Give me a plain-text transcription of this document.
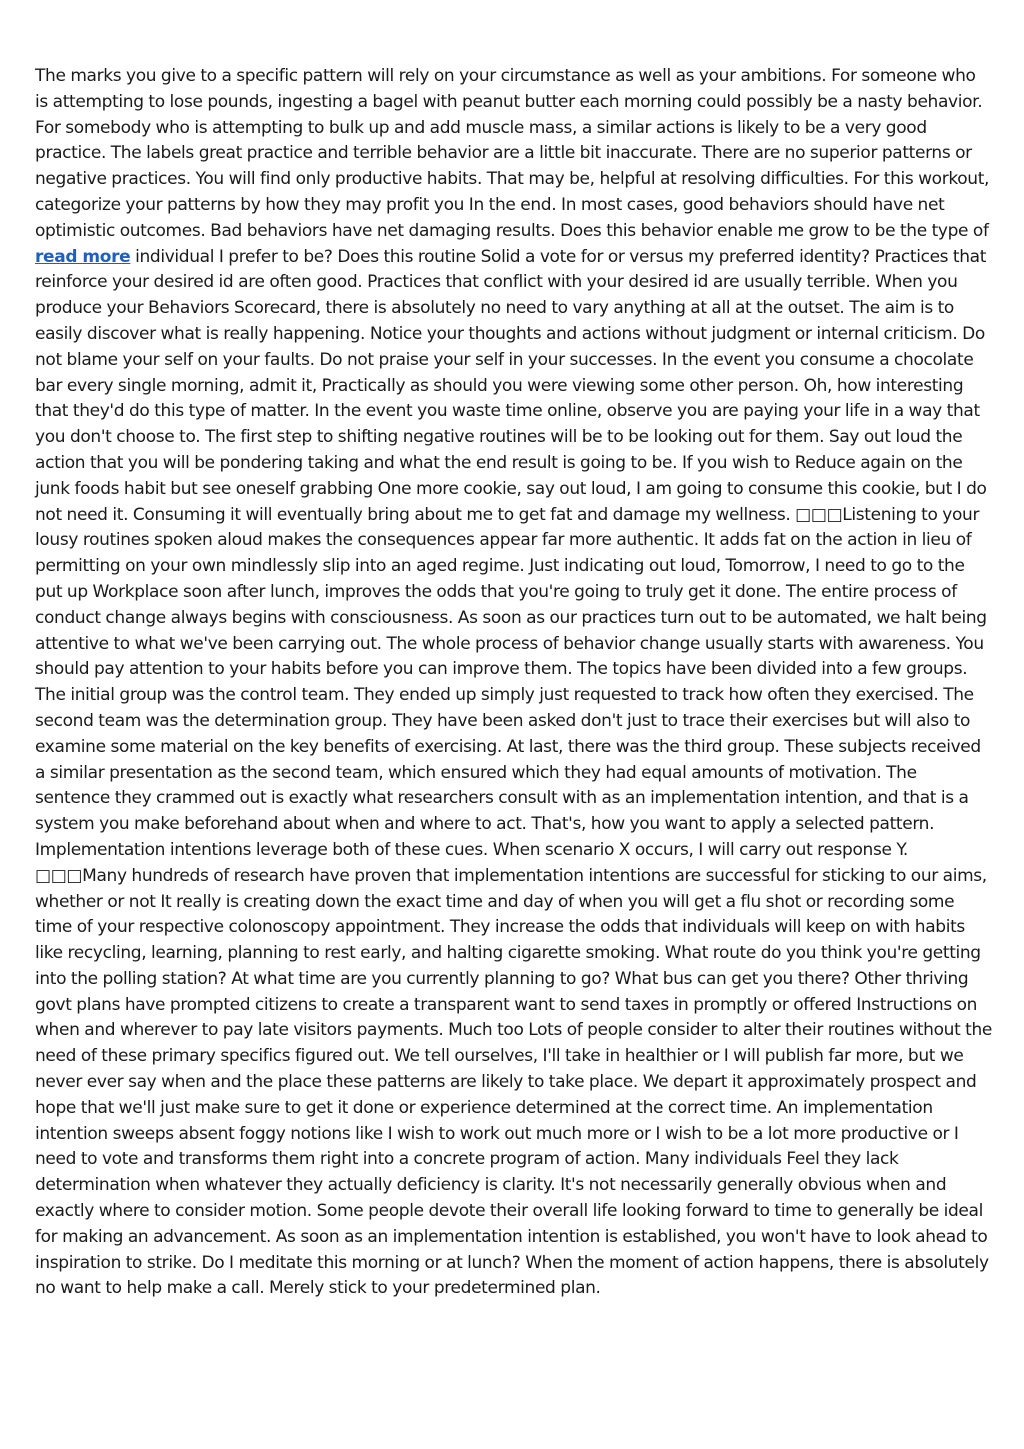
The marks you give to a specific pattern will rely on your circumstance as well as your ambitions. For someone who is attempting to lose pounds, ingesting a bagel with peanut butter each morning could possibly be a nasty behavior. For somebody who is attempting to bulk up and add muscle mass, a similar actions is likely to be a very good practice. The labels great practice and terrible behavior are a little bit inaccurate. There are no superior patterns or negative practices. You will find only productive habits. That may be, helpful at resolving difficulties. For this workout, categorize your patterns by how they may profit you In the end. In most cases, good behaviors should have net optimistic outcomes. Bad behaviors have net damaging results. Does this behavior enable me grow to be the type of read more individual I prefer to be? Does this routine Solid a vote for or versus my preferred identity? Practices that reinforce your desired id are often good. Practices that conflict with your desired id are usually terrible. When you produce your Behaviors Scorecard, there is absolutely no need to vary anything at all at the outset. The aim is to easily discover what is really happening. Notice your thoughts and actions without judgment or internal criticism. Do not blame your self on your faults. Do not praise your self in your successes. In the event you consume a chocolate bar every single morning, admit it, Practically as should you were viewing some other person. Oh, how interesting that they'd do this type of matter. In the event you waste time online, observe you are paying your life in a way that you don't choose to. The first step to shifting negative routines will be to be looking out for them. Say out loud the action that you will be pondering taking and what the end result is going to be. If you wish to Reduce again on the junk foods habit but see oneself grabbing One more cookie, say out loud, I am going to consume this cookie, but I do not need it. Consuming it will eventually bring about me to get fat and damage my wellness. □□□Listening to your lousy routines spoken aloud makes the consequences appear far more authentic. It adds fat on the action in lieu of permitting on your own mindlessly slip into an aged regime. Just indicating out loud, Tomorrow, I need to go to the put up Workplace soon after lunch, improves the odds that you're going to truly get it done. The entire process of conduct change always begins with consciousness. As soon as our practices turn out to be automated, we halt being attentive to what we've been carrying out. The whole process of behavior change usually starts with awareness. You should pay attention to your habits before you can improve them. The topics have been divided into a few groups. The initial group was the control team. They ended up simply just requested to track how often they exercised. The second team was the determination group. They have been asked don't just to trace their exercises but will also to examine some material on the key benefits of exercising. At last, there was the third group. These subjects received a similar presentation as the second team, which ensured which they had equal amounts of motivation. The sentence they crammed out is exactly what researchers consult with as an implementation intention, and that is a system you make beforehand about when and where to act. That's, how you want to apply a selected pattern. Implementation intentions leverage both of these cues. When scenario X occurs, I will carry out response Y. □□□Many hundreds of research have proven that implementation intentions are successful for sticking to our aims, whether or not It really is creating down the exact time and day of when you will get a flu shot or recording some time of your respective colonoscopy appointment. They increase the odds that individuals will keep on with habits like recycling, learning, planning to rest early, and halting cigarette smoking. What route do you think you're getting into the polling station? At what time are you currently planning to go? What bus can get you there? Other thriving govt plans have prompted citizens to create a transparent want to send taxes in promptly or offered Instructions on when and wherever to pay late visitors payments. Much too Lots of people consider to alter their routines without the need of these primary specifics figured out. We tell ourselves, I'll take in healthier or I will publish far more, but we never ever say when and the place these patterns are likely to take place. We depart it approximately prospect and hope that we'll just make sure to get it done or experience determined at the correct time. An implementation intention sweeps absent foggy notions like I wish to work out much more or I wish to be a lot more productive or I need to vote and transforms them right into a concrete program of action. Many individuals Feel they lack determination when whatever they actually deficiency is clarity. It's not necessarily generally obvious when and exactly where to consider motion. Some people devote their overall life looking forward to time to generally be ideal for making an advancement. As soon as an implementation intention is established, you won't have to look ahead to inspiration to strike. Do I meditate this morning or at lunch? When the moment of action happens, there is absolutely no want to help make a call. Merely stick to your predetermined plan.
